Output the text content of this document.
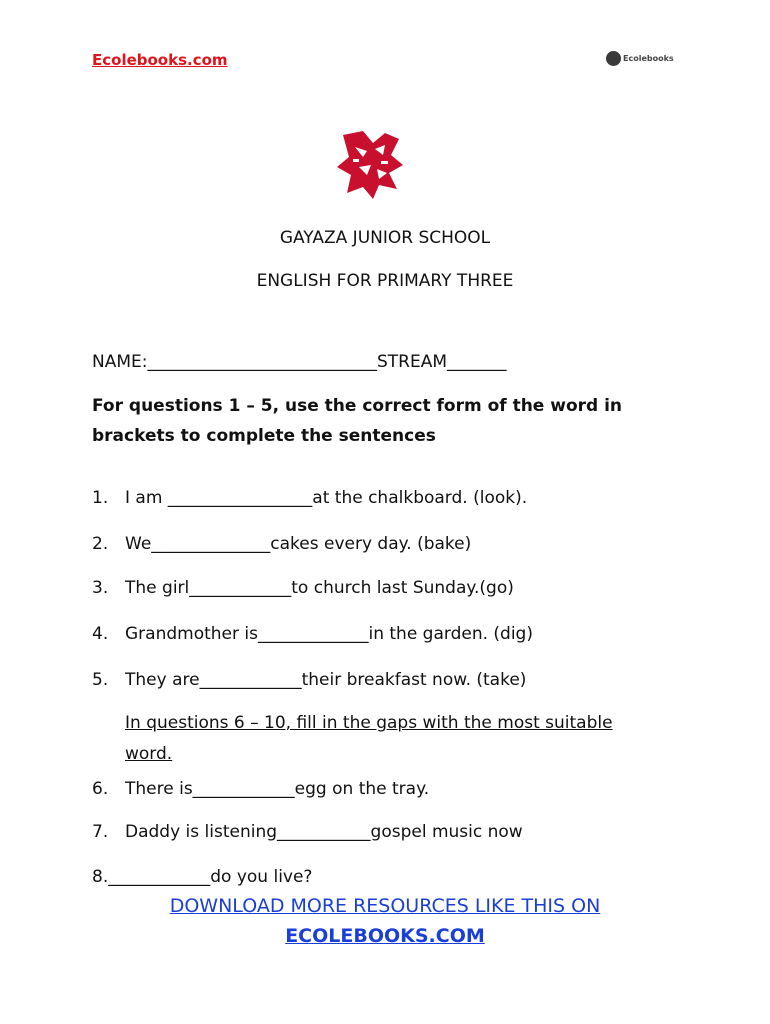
Ecolebooks.com	Ecolebooks
GAYAZA JUNIOR SCHOOL
ENGLISH FOR PRIMARY THREE
NAME:___________________________STREAM_______
For questions 1 – 5, use the correct form of the word in
brackets to complete the sentences
1. I am _________________at the chalkboard. (look).
2. We______________cakes every day. (bake)
3. The girl____________to church last Sunday.(go)
4. Grandmother is_____________in the garden. (dig)
5. They are____________their breakfast now. (take)
In questions 6 – 10, fill in the gaps with the most suitable
word.
6. There is____________egg on the tray.
7. Daddy is listening___________gospel music now
8.____________do you live?
DOWNLOAD MORE RESOURCES LIKE THIS ON
ECOLEBOOKS.COM
